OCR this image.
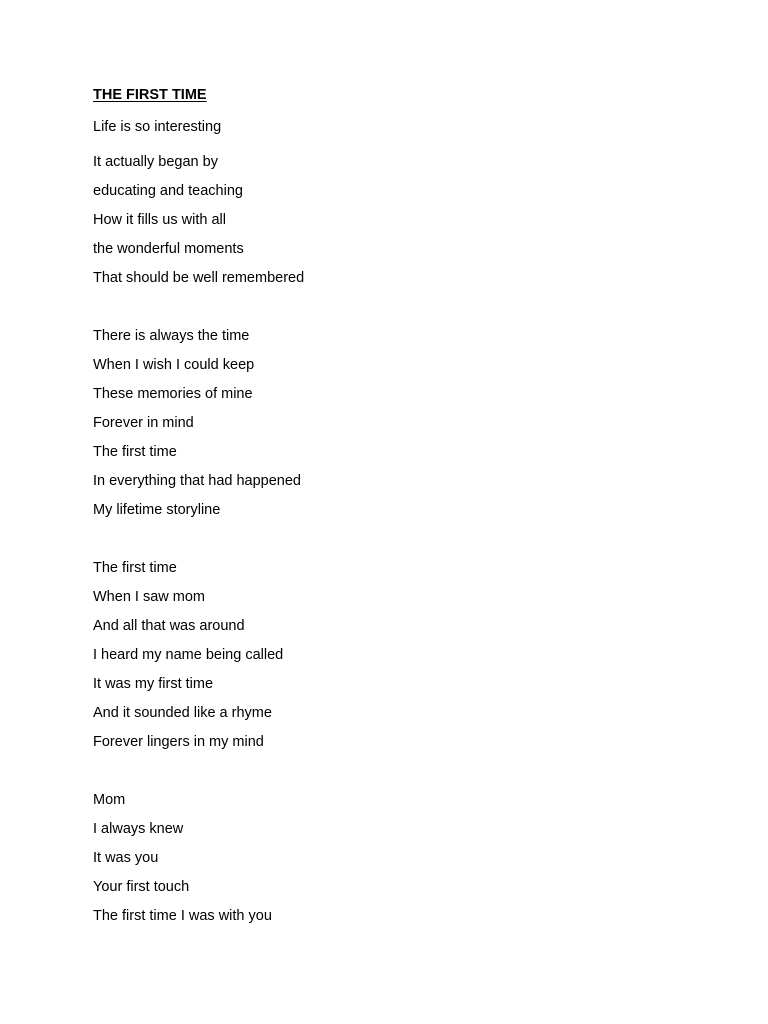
THE FIRST TIME
Life is so interesting
It actually began by
educating and teaching
How it fills us with all
the wonderful moments
That should be well remembered
There is always the time
When I wish I could keep
These memories of mine
Forever in mind
The first time
In everything that had happened
My lifetime storyline
The first time
When I saw mom
And all that was around
I heard my name being called
It was my first time
And it sounded like a rhyme
Forever lingers in my mind
Mom
I always knew
It was you
Your first touch
The first time I was with you
